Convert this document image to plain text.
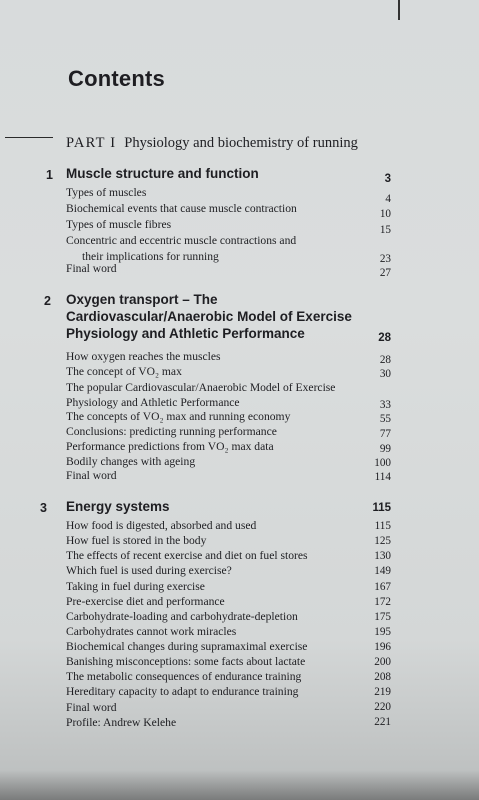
Contents
PART I Physiology and biochemistry of running
1 Muscle structure and function	3
Types of muscles	4
Biochemical events that cause muscle contraction	10
Types of muscle fibres	15
Concentric and eccentric muscle contractions and
their implications for running	23
Final word	27
2 Oxygen transport – The Cardiovascular/Anaerobic Model of Exercise Physiology and Athletic Performance	28
How oxygen reaches the muscles	28
The concept of VO₂ max	30
The popular Cardiovascular/Anaerobic Model of Exercise
Physiology and Athletic Performance	33
The concepts of VO₂ max and running economy	55
Conclusions: predicting running performance	77
Performance predictions from VO₂ max data	99
Bodily changes with ageing	100
Final word	114
3 Energy systems	115
How food is digested, absorbed and used	115
How fuel is stored in the body	125
The effects of recent exercise and diet on fuel stores	130
Which fuel is used during exercise?	149
Taking in fuel during exercise	167
Pre-exercise diet and performance	172
Carbohydrate-loading and carbohydrate-depletion	175
Carbohydrates cannot work miracles	195
Biochemical changes during supramaximal exercise	196
Banishing misconceptions: some facts about lactate	200
The metabolic consequences of endurance training	208
Hereditary capacity to adapt to endurance training	219
Final word	220
Profile: Andrew Kelehe	221
